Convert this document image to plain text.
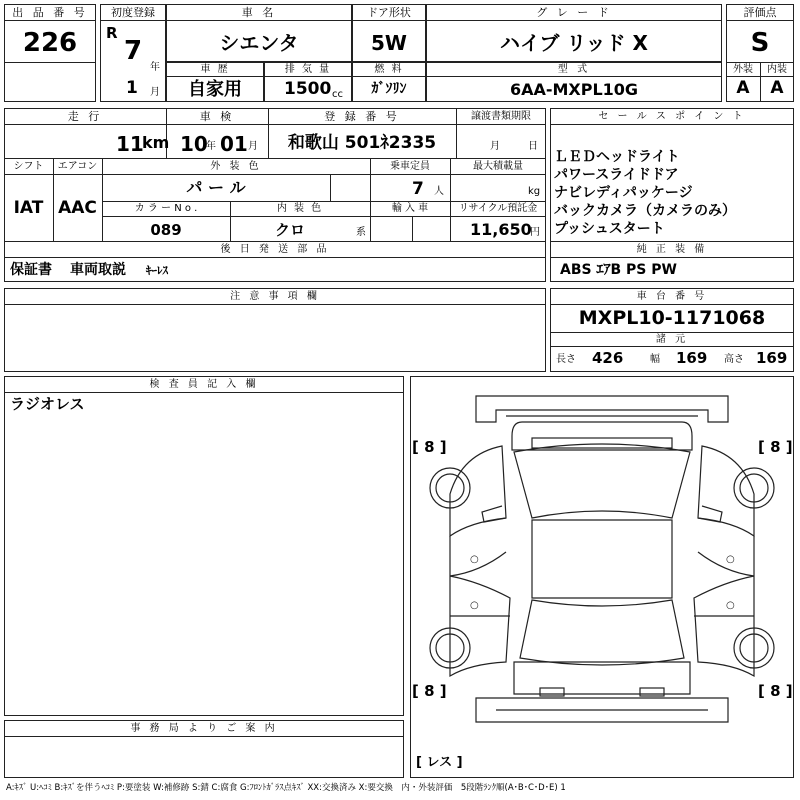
出 品 番 号
226
初度登録
R
7
年
1 月
車 名
シエンタ
ドア形状
5W
グ レ ー ド
ハイブ リッド X
評価点
S
外装	内装
A	A
車 歴
自家用
排 気 量
1500 cc
燃 料
ｶﾞｿﾘﾝ
型 式
6AA-MXPL10G
走 行
11
km
車 検
10
年 01 月
登 録 番 号
和歌山 501ﾈ2335
譲渡書類期限
月	日
シフト
IAT
エアコン
AAC
外 装 色
パ ー ル
乗車定員
7 人
最大積載量
kg
カ ラ ー N o .
089
内 装 色
クロ	系
輸 入 車	リサイクル預託金
11,650
円
後 日 発 送 部 品
保証書 車両取説 ｷｰﾚｽ
セ ー ル ス ポ イ ン ト
ＬＥＤヘッドライト
パワースライドドア
ナビレディパッケージ
バックカメラ（カメラのみ）
プッシュスタート
純 正 装 備
ABS ｴｱB PS PW
注 意 事 項 欄	車 台 番 号
MXPL10-1171068
諸 元
長さ 426	幅 169 高さ 169
検 査 員 記 入 欄
ラジオレス
事 務 局 よ り ご 案 内
○	○
○	○
[ 8 ]	[ 8 ]
[ 8 ]	[ 8 ]
[ レス ]
A:ｷｽﾞ U:ﾍｺﾐ B:ｷｽﾞを伴うﾍｺﾐ P:要塗装 W:補修跡 S:錆 C:腐食 G:ﾌﾛﾝﾄｶﾞﾗｽ点ｷｽﾞ XX:交換済み X:要交換　内・外装評価　5段階ﾗﾝｸ順(A･B･C･D･E) 1
